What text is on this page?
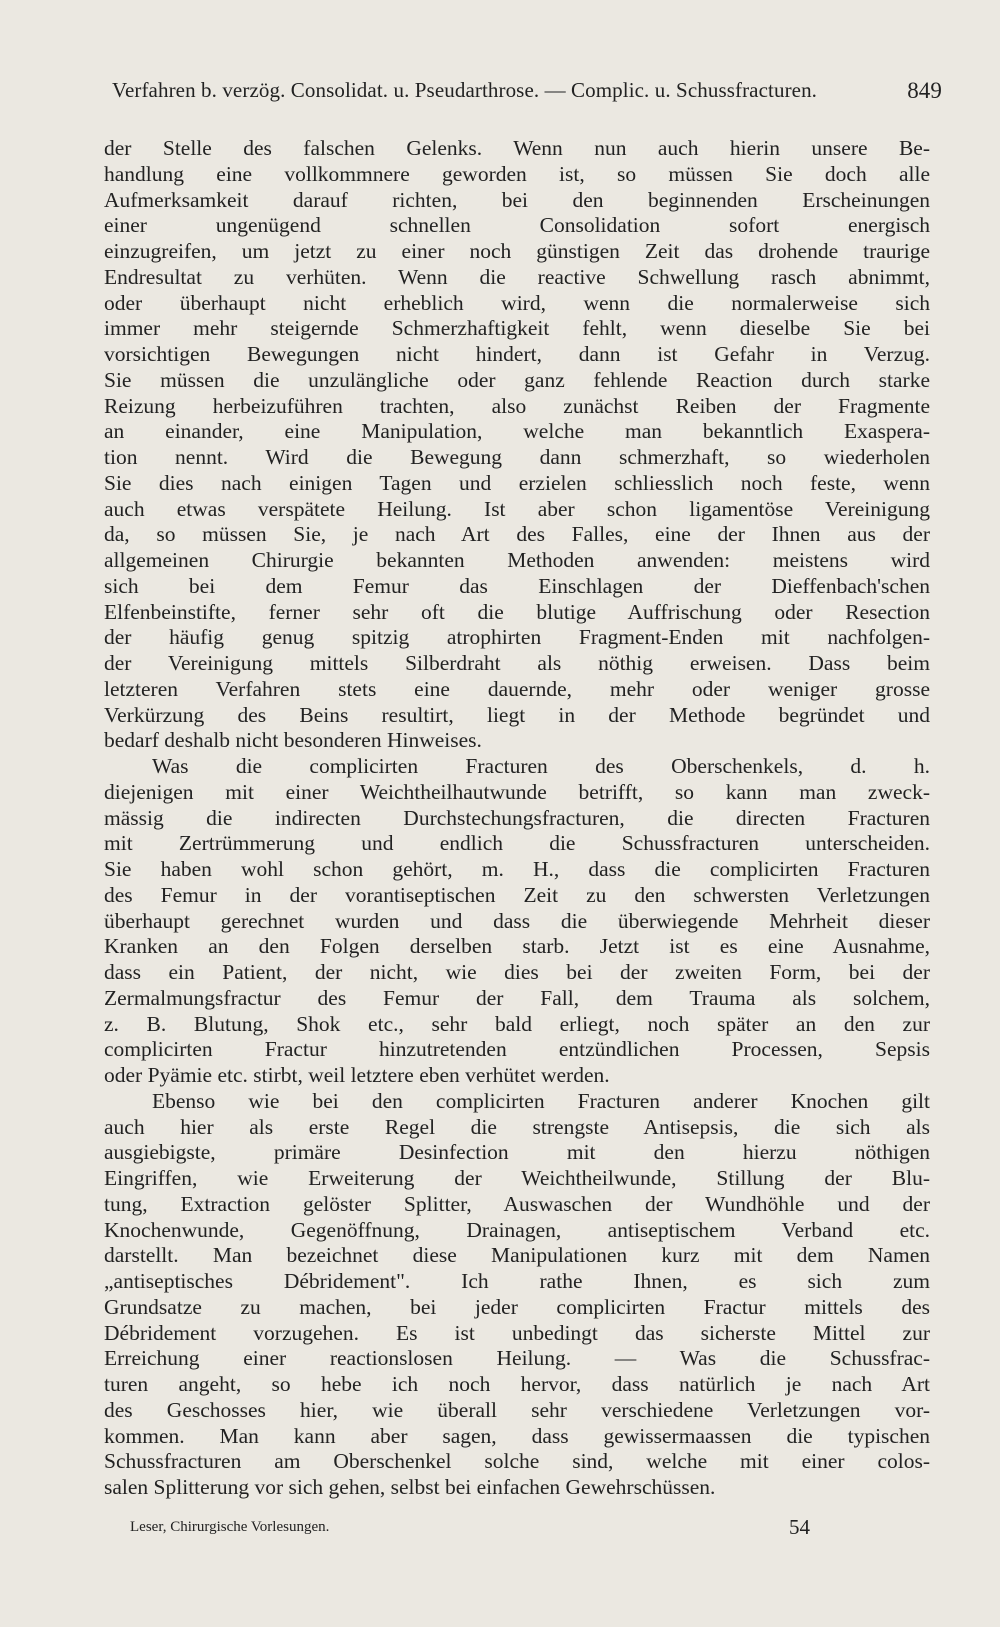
Verfahren b. verzög. Consolidat. u. Pseudarthrose. — Complic. u. Schussfracturen.	849
der Stelle des falschen Gelenks. Wenn nun auch hierin unsere Be-
handlung eine vollkommnere geworden ist, so müssen Sie doch alle
Aufmerksamkeit darauf richten, bei den beginnenden Erscheinungen
einer ungenügend schnellen Consolidation sofort energisch
einzugreifen, um jetzt zu einer noch günstigen Zeit das drohende traurige
Endresultat zu verhüten. Wenn die reactive Schwellung rasch abnimmt,
oder überhaupt nicht erheblich wird, wenn die normalerweise sich
immer mehr steigernde Schmerzhaftigkeit fehlt, wenn dieselbe Sie bei
vorsichtigen Bewegungen nicht hindert, dann ist Gefahr in Verzug.
Sie müssen die unzulängliche oder ganz fehlende Reaction durch starke
Reizung herbeizuführen trachten, also zunächst Reiben der Fragmente
an einander, eine Manipulation, welche man bekanntlich Exaspera-
tion nennt. Wird die Bewegung dann schmerzhaft, so wiederholen
Sie dies nach einigen Tagen und erzielen schliesslich noch feste, wenn
auch etwas verspätete Heilung. Ist aber schon ligamentöse Vereinigung
da, so müssen Sie, je nach Art des Falles, eine der Ihnen aus der
allgemeinen Chirurgie bekannten Methoden anwenden: meistens wird
sich bei dem Femur das Einschlagen der Dieffenbach'schen
Elfenbeinstifte, ferner sehr oft die blutige Auffrischung oder Resection
der häufig genug spitzig atrophirten Fragment-Enden mit nachfolgen-
der Vereinigung mittels Silberdraht als nöthig erweisen. Dass beim
letzteren Verfahren stets eine dauernde, mehr oder weniger grosse
Verkürzung des Beins resultirt, liegt in der Methode begründet und
bedarf deshalb nicht besonderen Hinweises.
Was die complicirten Fracturen des Oberschenkels, d. h.
diejenigen mit einer Weichtheilhautwunde betrifft, so kann man zweck-
mässig die indirecten Durchstechungsfracturen, die directen Fracturen
mit Zertrümmerung und endlich die Schussfracturen unterscheiden.
Sie haben wohl schon gehört, m. H., dass die complicirten Fracturen
des Femur in der vorantiseptischen Zeit zu den schwersten Verletzungen
überhaupt gerechnet wurden und dass die überwiegende Mehrheit dieser
Kranken an den Folgen derselben starb. Jetzt ist es eine Ausnahme,
dass ein Patient, der nicht, wie dies bei der zweiten Form, bei der
Zermalmungsfractur des Femur der Fall, dem Trauma als solchem,
z. B. Blutung, Shok etc., sehr bald erliegt, noch später an den zur
complicirten Fractur hinzutretenden entzündlichen Processen, Sepsis
oder Pyämie etc. stirbt, weil letztere eben verhütet werden.
Ebenso wie bei den complicirten Fracturen anderer Knochen gilt
auch hier als erste Regel die strengste Antisepsis, die sich als
ausgiebigste, primäre Desinfection mit den hierzu nöthigen
Eingriffen, wie Erweiterung der Weichtheilwunde, Stillung der Blu-
tung, Extraction gelöster Splitter, Auswaschen der Wundhöhle und der
Knochenwunde, Gegenöffnung, Drainagen, antiseptischem Verband etc.
darstellt. Man bezeichnet diese Manipulationen kurz mit dem Namen
„antiseptisches Débridement". Ich rathe Ihnen, es sich zum
Grundsatze zu machen, bei jeder complicirten Fractur mittels des
Débridement vorzugehen. Es ist unbedingt das sicherste Mittel zur
Erreichung einer reactionslosen Heilung. — Was die Schussfrac-
turen angeht, so hebe ich noch hervor, dass natürlich je nach Art
des Geschosses hier, wie überall sehr verschiedene Verletzungen vor-
kommen. Man kann aber sagen, dass gewissermaassen die typischen
Schussfracturen am Oberschenkel solche sind, welche mit einer colos-
salen Splitterung vor sich gehen, selbst bei einfachen Gewehrschüssen.
Leser, Chirurgische Vorlesungen.	54
